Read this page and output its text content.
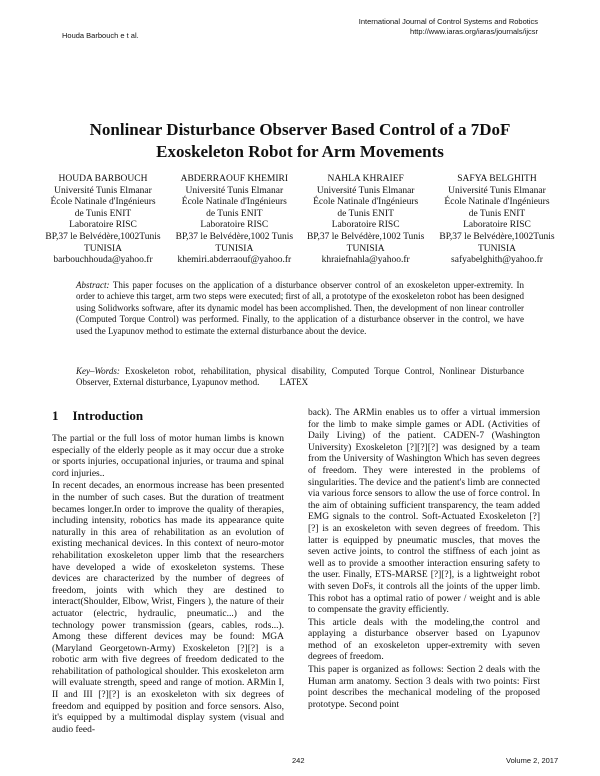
Houda Barbouch e t al.
International Journal of Control Systems and Robotics
http://www.iaras.org/iaras/journals/ijcsr
Nonlinear Disturbance Observer Based Control of a 7DoF
Exoskeleton Robot for Arm Movements
HOUDA BARBOUCH
Université Tunis Elmanar
École Natinale d'Ingénieurs
de Tunis ENIT
Laboratoire RISC
BP,37 le Belvédère,1002Tunis
TUNISIA
barbouchhouda@yahoo.fr
ABDERRAOUF KHEMIRI
Université Tunis Elmanar
École Natinale d'Ingénieurs
de Tunis ENIT
Laboratoire RISC
BP,37 le Belvédère,1002 Tunis
TUNISIA
khemiri.abderraouf@yahoo.fr
NAHLA KHRAIEF
Université Tunis Elmanar
École Natinale d'Ingénieurs
de Tunis ENIT
Laboratoire RISC
BP,37 le Belvédère,1002 Tunis
TUNISIA
khraiefnahla@yahoo.fr
SAFYA BELGHITH
Université Tunis Elmanar
École Natinale d'Ingénieurs
de Tunis ENIT
Laboratoire RISC
BP,37 le Belvédère,1002Tunis
TUNISIA
safyabelghith@yahoo.fr
Abstract: This paper focuses on the application of a disturbance observer control of an exoskeleton upper-extremity. In order to achieve this target, arm two steps were executed; first of all, a prototype of the exoskeleton robot has been designed using Solidworks software, after its dynamic model has been accomplished. Then, the development of non linear controller (Computed Torque Control) was performed. Finally, to the application of a disturbance observer in the control, we have used the Lyapunov method to estimate the external disturbance about the device.
Key–Words: Exoskeleton robot, rehabilitation, physical disability, Computed Torque Control, Nonlinear Disturbance Observer, External disturbance, Lyapunov method. LATEX
1 Introduction

The partial or the full loss of motor human limbs is known especially of the elderly people as it may occur due a stroke or sports injuries, occupational injuries, or trauma and spinal cord injuries..

In recent decades, an enormous increase has been presented in the number of such cases. But the duration of treatment becames longer.In order to improve the quality of therapies, including intensity, robotics has made its appearance quite naturally in this area of rehabilitation as an evolution of existing mechanical devices. In this context of neuro-motor rehabilitation exoskeleton upper limb that the researchers have developed a wide of exoskeleton systems. These devices are characterized by the number of degrees of freedom, joints with which they are destined to interact(Shoulder, Elbow, Wrist, Fingers ), the nature of their actuator (electric, hydraulic, pneumatic...) and the technology power transmission (gears, cables, rods...). Among these different devices may be found: MGA (Maryland Georgetown-Army) Exoskeleton [?][?] is a robotic arm with five degrees of freedom dedicated to the rehabilitation of pathological shoulder. This exoskeleton arm will evaluate strength, speed and range of motion. ARMin I, II and III [?][?] is an exoskeleton with six degrees of freedom and equipped by position and force sensors. Also, it's equipped by a multimodal display system (visual and audio feed-

back). The ARMin enables us to offer a virtual immersion for the limb to make simple games or ADL (Activities of Daily Living) of the patient. CADEN-7 (Washington University) Exoskeleton [?][?][?] was designed by a team from the University of Washington Which has seven degrees of freedom. They were interested in the problems of singularities. The device and the patient's limb are connected via various force sensors to allow the use of force control. In the aim of obtaining sufficient transparency, the team added EMG signals to the control. Soft-Actuated Exoskeleton [?][?] is an exoskeleton with seven degrees of freedom. This latter is equipped by pneumatic muscles, that moves the seven active joints, to control the stiffness of each joint as well as to provide a smoother interaction ensuring safety to the user. Finally, ETS-MARSE [?][?], is a lightweight robot with seven DoFs, it controls all the joints of the upper limb. This robot has a optimal ratio of power / weight and is able to compensate the gravity efficiently.

This article deals with the modeling,the control and applaying a disturbance observer based on Lyapunov method of an exoskeleton upper-extremity with seven degrees of freedom.

This paper is organized as follows: Section 2 deals with the Human arm anatomy. Section 3 deals with two points: First point describes the mechanical modeling of the proposed prototype. Second point

242	Volume 2, 2017
